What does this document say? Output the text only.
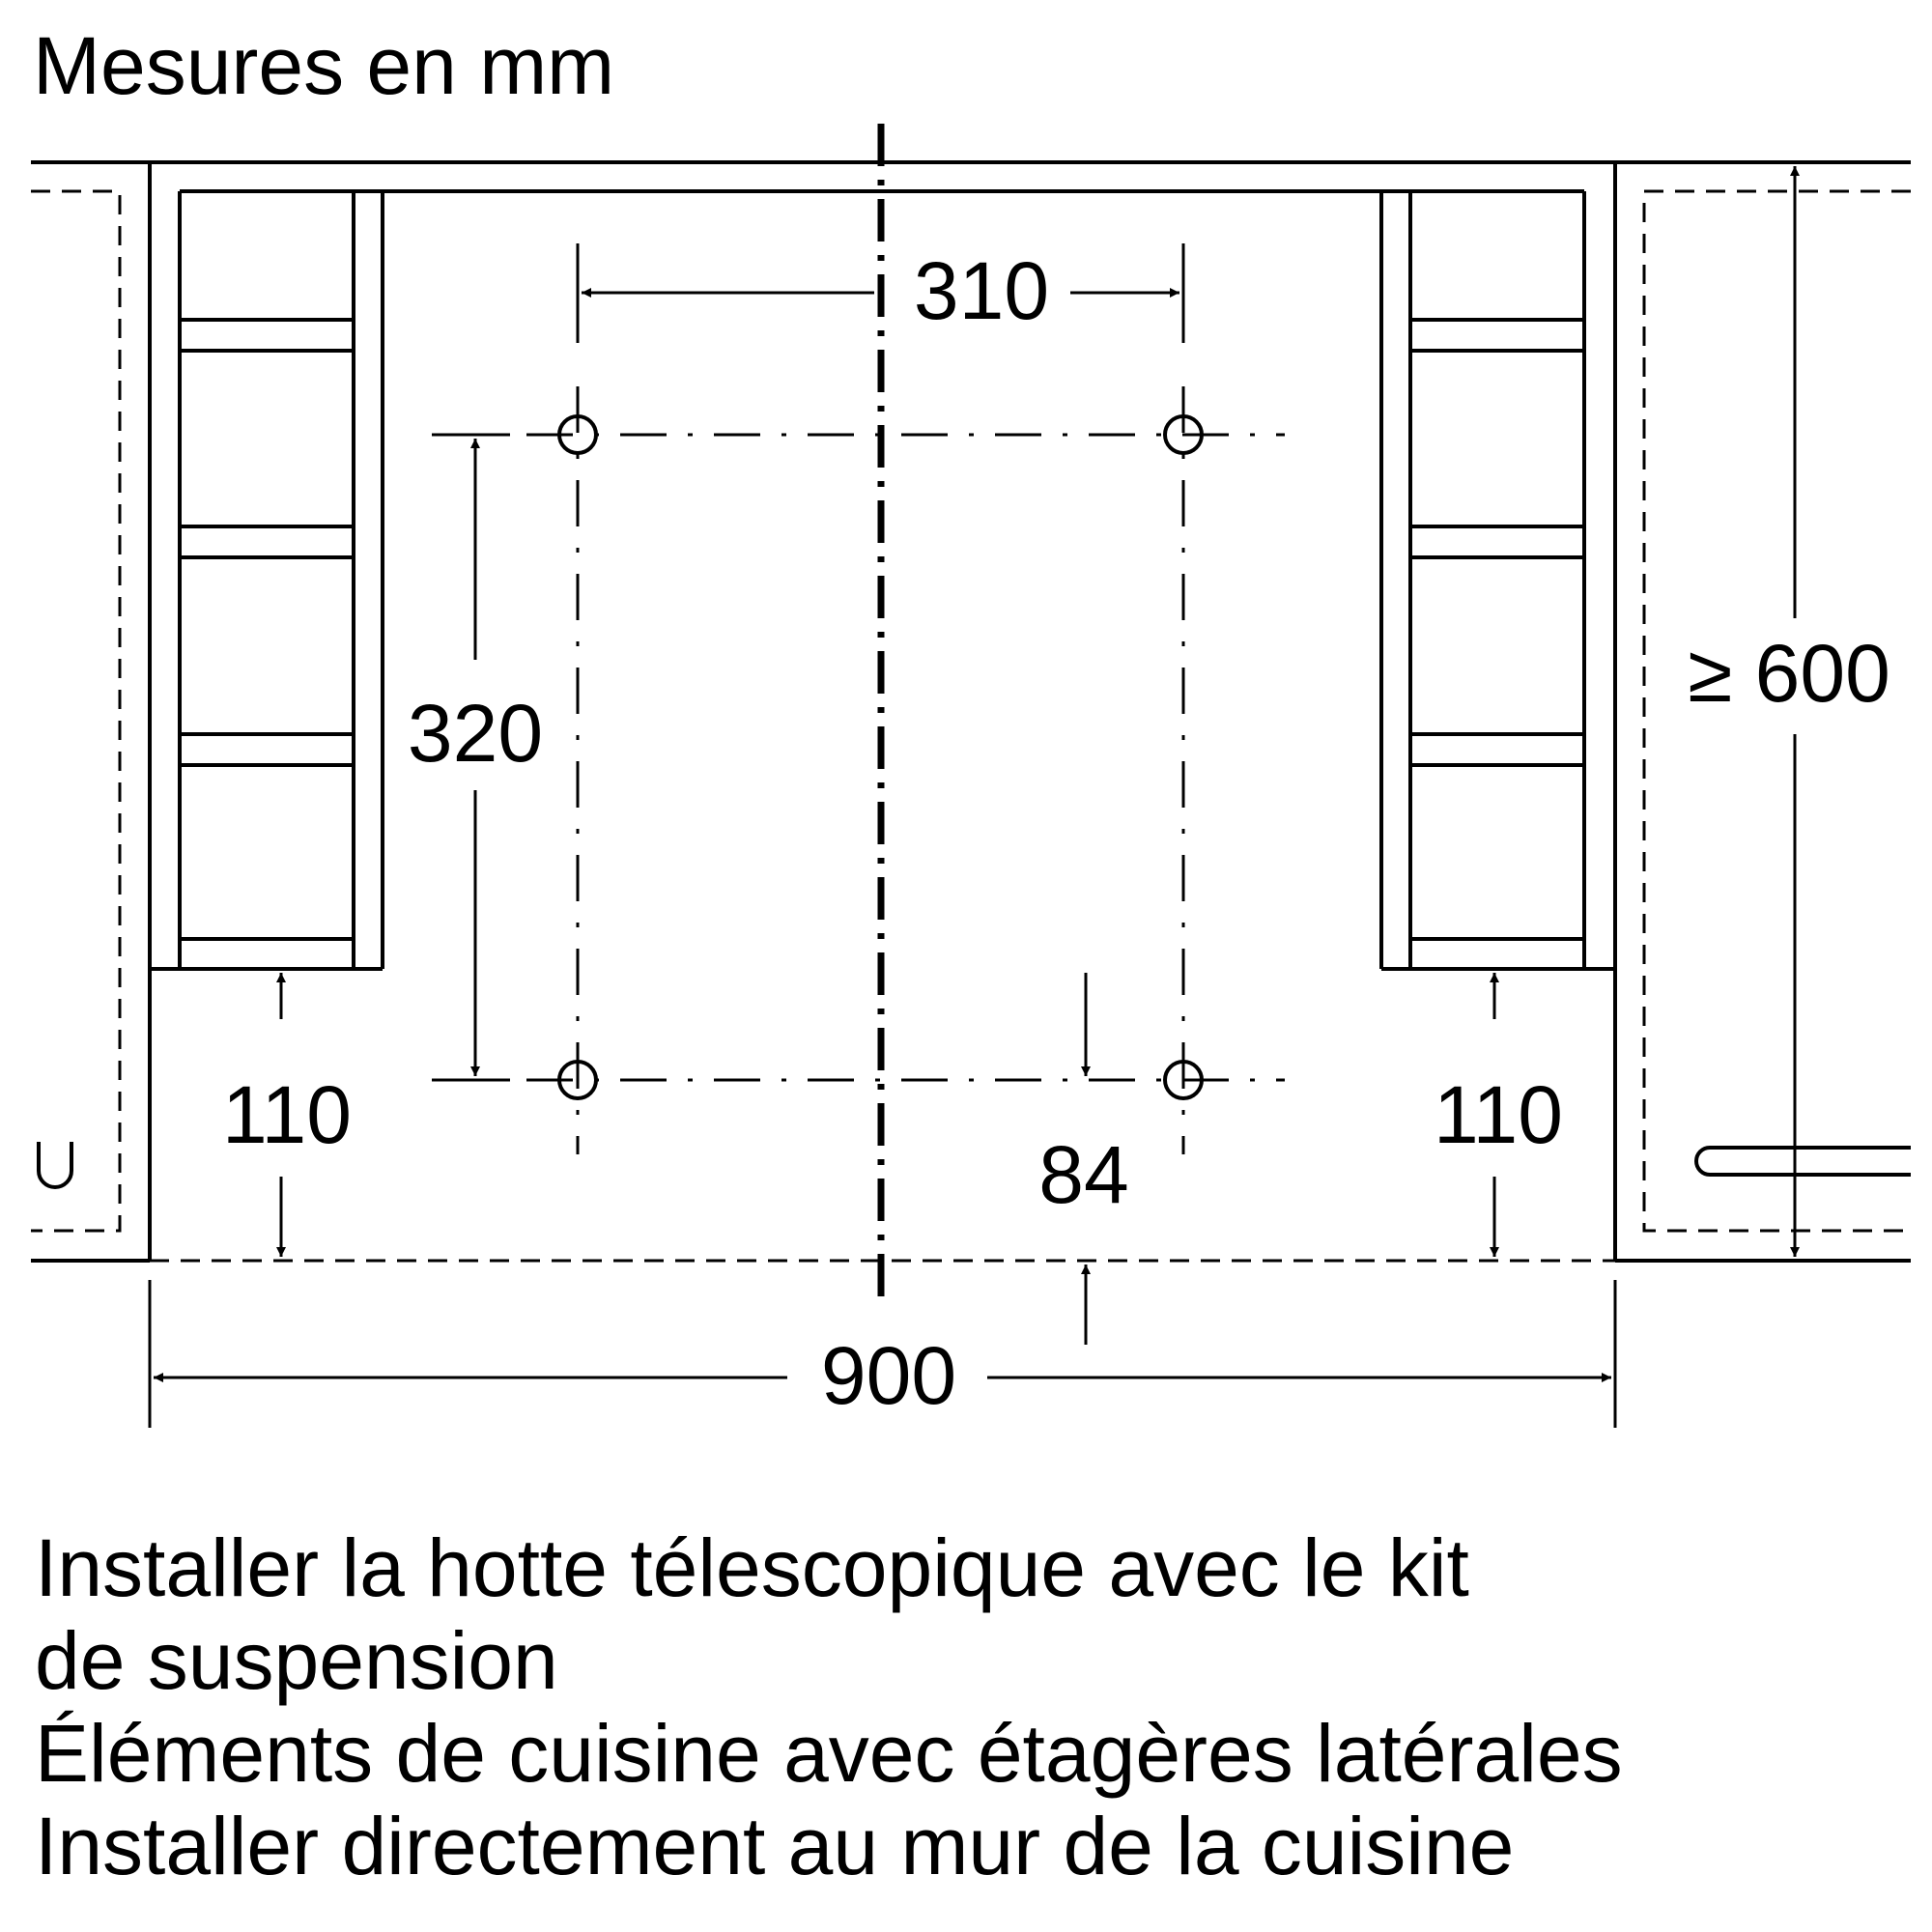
Mesures en mm
310
320
≥ 600
110	110
84
900
Installer la hotte télescopique avec le kit
de suspension
Éléments de cuisine avec étagères latérales
Installer directement au mur de la cuisine
